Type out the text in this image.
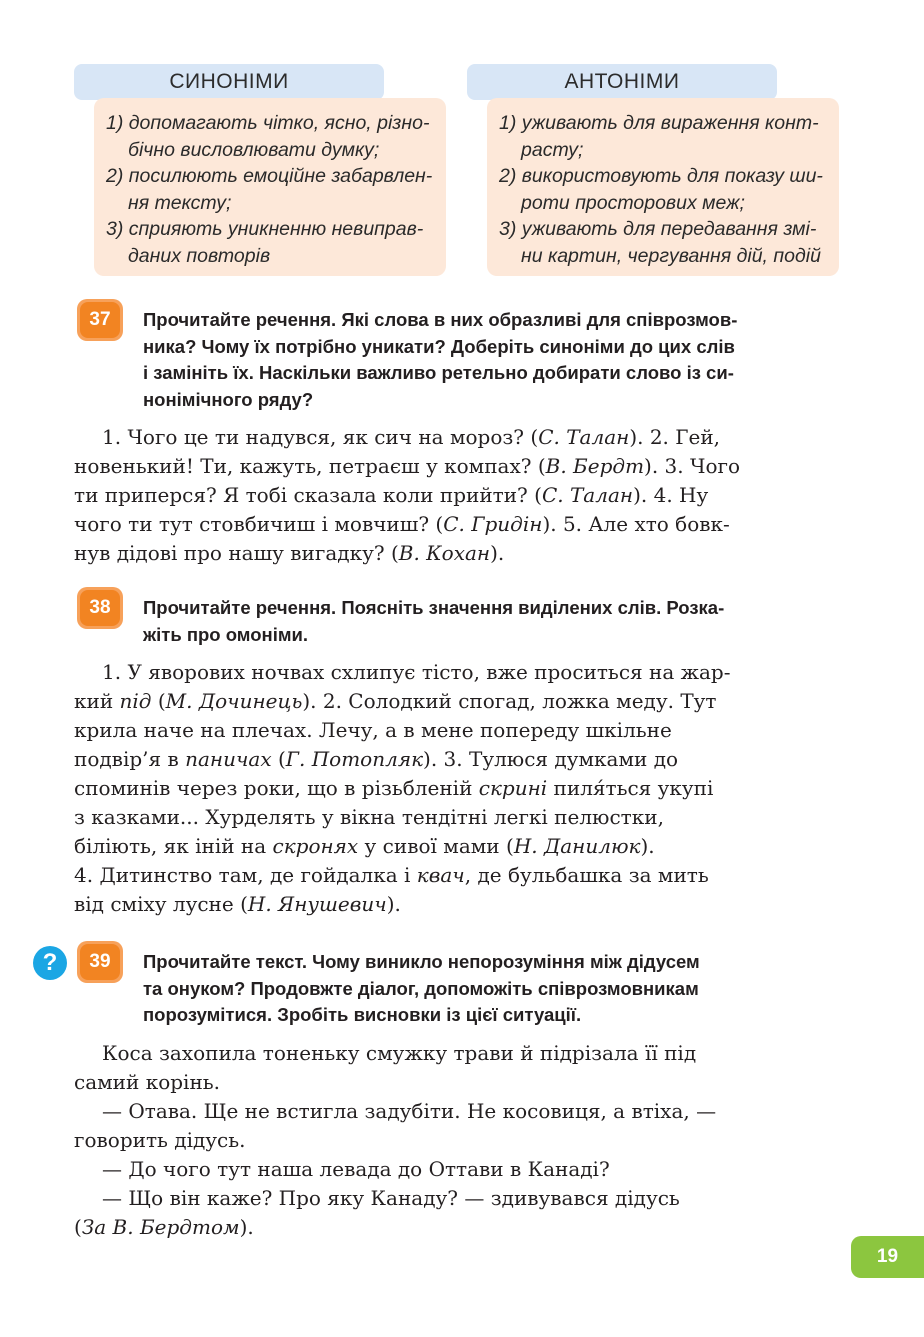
СИНОНІМИ
1) допомагають чітко, ясно, різно-
бічно висловлювати думку;
2) посилюють емоційне забарвлен-
ня тексту;
3) сприяють уникненню невиправ-
даних повторів
АНТОНІМИ
1) уживають для вираження конт-
расту;
2) використовують для показу ши-
роти просторових меж;
3) уживають для передавання змі-
ни картин, чергування дій, подій
37	Прочитайте речення. Які слова в них образливі для співрозмов-
ника? Чому їх потрібно уникати? Доберіть синоніми до цих слів
і замініть їх. Наскільки важливо ретельно добирати слово із си-
нонімічного ряду?
1. Чого це ти надувся, як сич на мороз? (С. Талан). 2. Гей,
новенький! Ти, кажуть, петраєш у компах? (В. Бердт). 3. Чого
ти приперся? Я тобі сказала коли прийти? (С. Талан). 4. Ну
чого ти тут стовбичиш і мовчиш? (С. Гридін). 5. Але хто бовк-
нув дідові про нашу вигадку? (В. Кохан).
38	Прочитайте речення. Поясніть значення виділених слів. Розка-
жіть про омоніми.
1. У яворових ночвах схлипує тісто, вже проситься на жар-
кий під (М. Дочинець). 2. Солодкий спогад, ложка меду. Тут
крила наче на плечах. Лечу, а в мене попереду шкільне
подвір’я в паничах (Г. Потопляк). 3. Тулюся думками до
споминів через роки, що в різьбленій скрині пиля́ться укупі
з казками... Хурделять у вікна тендітні легкі пелюстки,
біліють, як іній на скронях у сивої мами (Н. Данилюк).
4. Дитинство там, де гойдалка і квач, де бульбашка за мить
від сміху лусне (Н. Янушевич).
?	39	Прочитайте текст. Чому виникло непорозуміння між дідусем
та онуком? Продовжте діалог, допоможіть співрозмовникам
порозумітися. Зробіть висновки із цієї ситуації.
Коса захопила тоненьку смужку трави й підрізала її під
самий корінь.
— Отава. Ще не встигла задубіти. Не косовиця, а втіха, —
говорить дідусь.
— До чого тут наша левада до Оттави в Канаді?
— Що він каже? Про яку Канаду? — здивувався дідусь
(За В. Бердтом).
19
